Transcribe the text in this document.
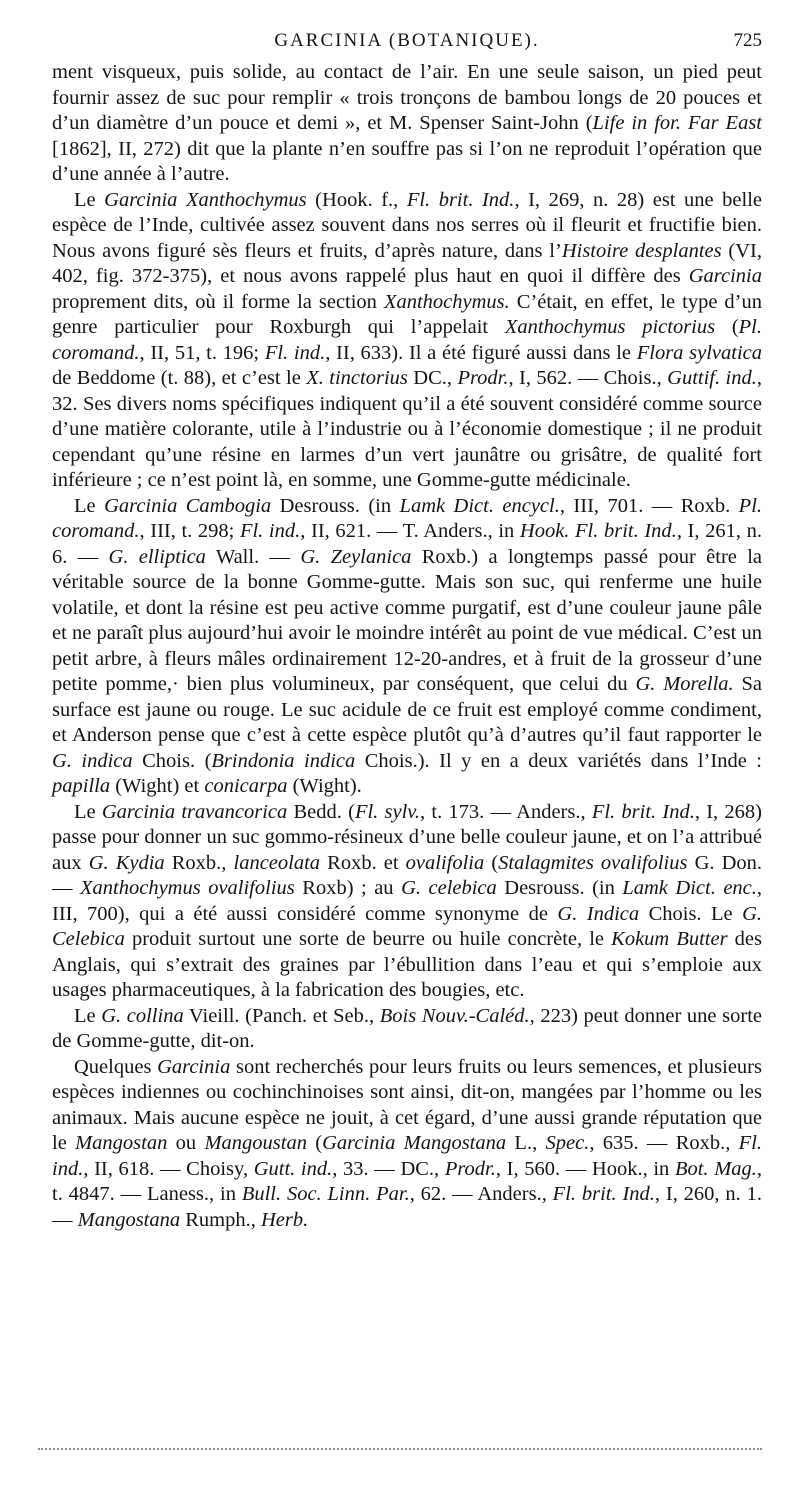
GARCINIA (BOTANIQUE).	725

ment visqueux, puis solide, au contact de l’air. En une seule saison, un pied peut fournir assez de suc pour remplir « trois tronçons de bambou longs de 20 pouces et d’un diamètre d’un pouce et demi », et M. Spenser Saint-John (Life in for. Far East [1862], II, 272) dit que la plante n’en souffre pas si l’on ne reproduit l’opération que d’une année à l’autre.

Le Garcinia Xanthochymus (Hook. f., Fl. brit. Ind., I, 269, n. 28) est une belle espèce de l’Inde, cultivée assez souvent dans nos serres où il fleurit et fructifie bien. Nous avons figuré sès fleurs et fruits, d’après nature, dans l’Histoire desplantes (VI, 402, fig. 372-375), et nous avons rappelé plus haut en quoi il diffère des Garcinia proprement dits, où il forme la section Xanthochymus. C’était, en effet, le type d’un genre particulier pour Roxburgh qui l’appelait Xanthochymus pictorius (Pl. coromand., II, 51, t. 196; Fl. ind., II, 633). Il a été figuré aussi dans le Flora sylvatica de Beddome (t. 88), et c’est le X. tinctorius DC., Prodr., I, 562. — Chois., Guttif. ind., 32. Ses divers noms spécifiques indiquent qu’il a été souvent considéré comme source d’une matière colorante, utile à l’industrie ou à l’économie domestique ; il ne produit cependant qu’une résine en larmes d’un vert jaunâtre ou grisâtre, de qualité fort inférieure ; ce n’est point là, en somme, une Gomme-gutte médicinale.

Le Garcinia Cambogia Desrouss. (in Lamk Dict. encycl., III, 701. — Roxb. Pl. coromand., III, t. 298; Fl. ind., II, 621. — T. Anders., in Hook. Fl. brit. Ind., I, 261, n. 6. — G. elliptica Wall. — G. Zeylanica Roxb.) a longtemps passé pour être la véritable source de la bonne Gomme-gutte. Mais son suc, qui renferme une huile volatile, et dont la résine est peu active comme purgatif, est d’une couleur jaune pâle et ne paraît plus aujourd’hui avoir le moindre intérêt au point de vue médical. C’est un petit arbre, à fleurs mâles ordinairement 12-20-andres, et à fruit de la grosseur d’une petite pomme,· bien plus volumineux, par conséquent, que celui du G. Morella. Sa surface est jaune ou rouge. Le suc acidule de ce fruit est employé comme condiment, et Anderson pense que c’est à cette espèce plutôt qu’à d’autres qu’il faut rapporter le G. indica Chois. (Brindonia indica Chois.). Il y en a deux variétés dans l’Inde : papilla (Wight) et conicarpa (Wight).

Le Garcinia travancorica Bedd. (Fl. sylv., t. 173. — Anders., Fl. brit. Ind., I, 268) passe pour donner un suc gommo-résineux d’une belle couleur jaune, et on l’a attribué aux G. Kydia Roxb., lanceolata Roxb. et ovalifolia (Stalagmites ovalifolius G. Don. — Xanthochymus ovalifolius Roxb) ; au G. celebica Desrouss. (in Lamk Dict. enc., III, 700), qui a été aussi considéré comme synonyme de G. Indica Chois. Le G. Celebica produit surtout une sorte de beurre ou huile concrète, le Kokum Butter des Anglais, qui s’extrait des graines par l’ébullition dans l’eau et qui s’emploie aux usages pharmaceutiques, à la fabrication des bougies, etc.

Le G. collina Vieill. (Panch. et Seb., Bois Nouv.-Caléd., 223) peut donner une sorte de Gomme-gutte, dit-on.

Quelques Garcinia sont recherchés pour leurs fruits ou leurs semences, et plusieurs espèces indiennes ou cochinchinoises sont ainsi, dit-on, mangées par l’homme ou les animaux. Mais aucune espèce ne jouit, à cet égard, d’une aussi grande réputation que le Mangostan ou Mangoustan (Garcinia Mangostana L., Spec., 635. — Roxb., Fl. ind., II, 618. — Choisy, Gutt. ind., 33. — DC., Prodr., I, 560. — Hook., in Bot. Mag., t. 4847. — Laness., in Bull. Soc. Linn. Par., 62. — Anders., Fl. brit. Ind., I, 260, n. 1. — Mangostana Rumph., Herb.
